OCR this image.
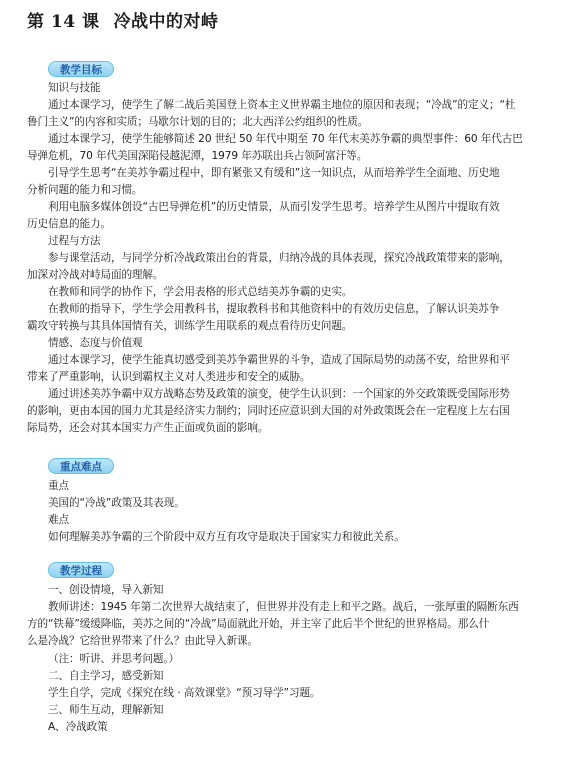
第 14 课 冷战中的对峙
教学目标
知识与技能
通过本课学习，使学生了解二战后美国登上资本主义世界霸主地位的原因和表现；“冷战”的定义；“杜
鲁门主义”的内容和实质；马歇尔计划的目的；北大西洋公约组织的性质。
通过本课学习，使学生能够简述 20 世纪 50 年代中期至 70 年代末美苏争霸的典型事件：60 年代古巴
导弹危机，70 年代美国深陷侵越泥潭，1979 年苏联出兵占领阿富汗等。
引导学生思考“在美苏争霸过程中，即有紧张又有缓和”这一知识点，从而培养学生全面地、历史地
分析问题的能力和习惯。
利用电脑多媒体创设“古巴导弹危机”的历史情景，从而引发学生思考。培养学生从图片中提取有效
历史信息的能力。
过程与方法
参与课堂活动，与同学分析冷战政策出台的背景，归纳冷战的具体表现，探究冷战政策带来的影响，
加深对冷战对峙局面的理解。
在教师和同学的协作下，学会用表格的形式总结美苏争霸的史实。
在教师的指导下，学生学会用教科书，提取教科书和其他资料中的有效历史信息，了解认识美苏争
霸攻守转换与其具体国情有关，训练学生用联系的观点看待历史问题。
情感、态度与价值观
通过本课学习，使学生能真切感受到美苏争霸世界的斗争，造成了国际局势的动荡不安，给世界和平
带来了严重影响，认识到霸权主义对人类进步和安全的威胁。
通过讲述美苏争霸中双方战略态势及政策的演变，使学生认识到：一个国家的外交政策既受国际形势
的影响，更由本国的国力尤其是经济实力制约；同时还应意识到大国的对外政策既会在一定程度上左右国
际局势，还会对其本国实力产生正面或负面的影响。
重点难点
重点
美国的“冷战”政策及其表现。
难点
如何理解美苏争霸的三个阶段中双方互有攻守是取决于国家实力和彼此关系。
教学过程
一、创设情境，导入新知
教师讲述：1945 年第二次世界大战结束了，但世界并没有走上和平之路。战后，一张厚重的隔断东西
方的“铁幕”缓缓降临，美苏之间的“冷战”局面就此开始，并主宰了此后半个世纪的世界格局。那么什
么是冷战？它给世界带来了什么？由此导入新课。
（注：听讲、并思考问题。）
二、自主学习，感受新知
学生自学，完成《探究在线 · 高效课堂》“预习导学”习题。
三、师生互动，理解新知
A、冷战政策
